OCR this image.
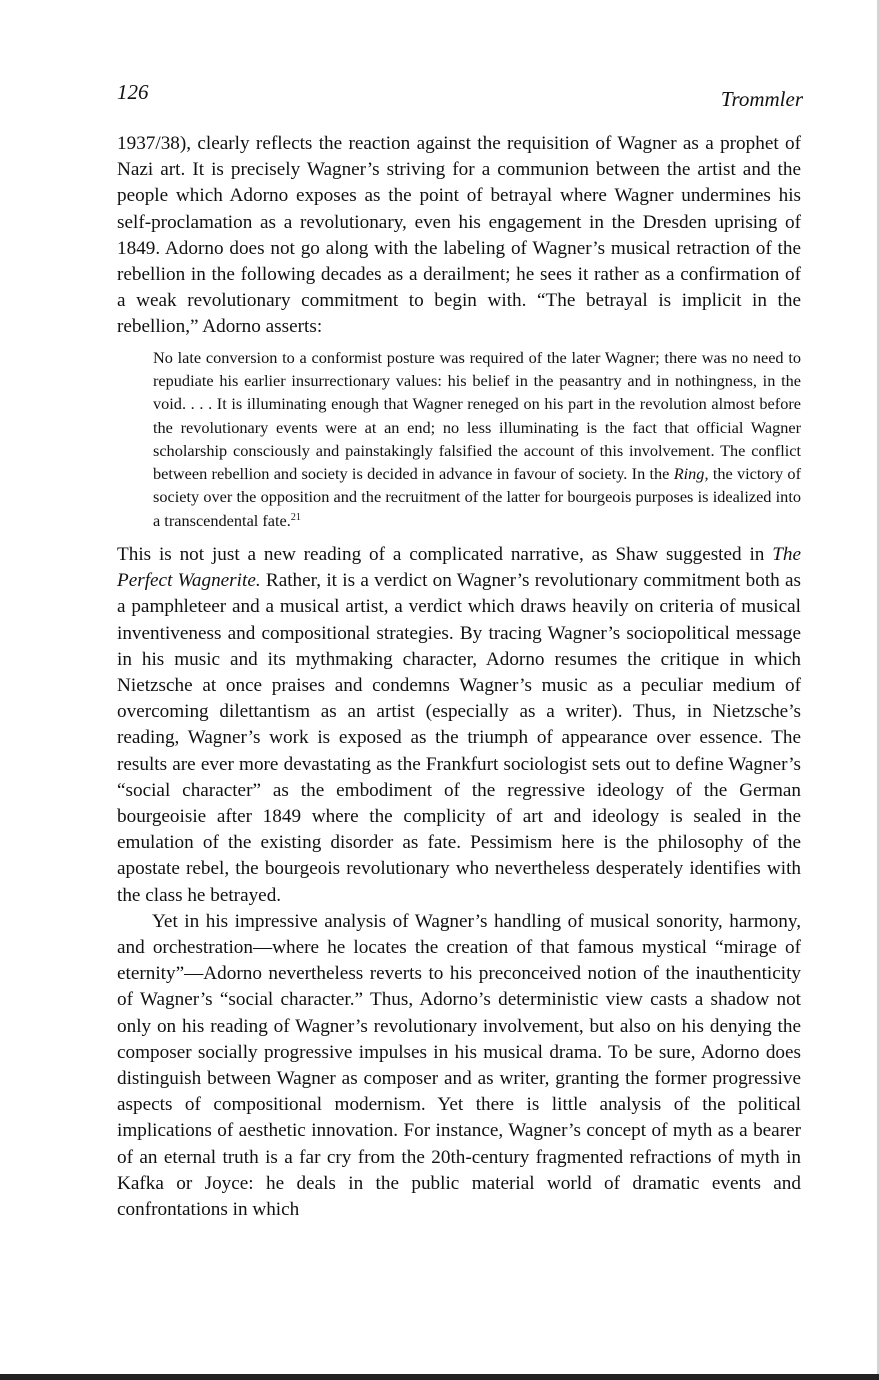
126	Trommler

1937/38), clearly reflects the reaction against the requisition of Wagner as a prophet of Nazi art. It is precisely Wagner’s striving for a communion between the artist and the people which Adorno exposes as the point of betrayal where Wagner undermines his self-proclamation as a revolutionary, even his engagement in the Dresden uprising of 1849. Adorno does not go along with the labeling of Wagner’s musical retraction of the rebellion in the following decades as a derailment; he sees it rather as a confirmation of a weak revolutionary commitment to begin with. “The betrayal is implicit in the rebellion,” Adorno asserts:

No late conversion to a conformist posture was required of the later Wagner; there was no need to repudiate his earlier insurrectionary values: his belief in the peasantry and in nothingness, in the void. . . . It is illuminating enough that Wagner reneged on his part in the revolution almost before the revolutionary events were at an end; no less illuminating is the fact that official Wagner scholarship consciously and painstakingly falsified the account of this involvement. The conflict between rebellion and society is decided in advance in favour of society. In the Ring, the victory of society over the opposition and the recruitment of the latter for bourgeois purposes is idealized into a transcendental fate.$^{21}$

This is not just a new reading of a complicated narrative, as Shaw suggested in The Perfect Wagnerite. Rather, it is a verdict on Wagner’s revolutionary commitment both as a pamphleteer and a musical artist, a verdict which draws heavily on criteria of musical inventiveness and compositional strategies. By tracing Wagner’s sociopolitical message in his music and its mythmaking character, Adorno resumes the critique in which Nietzsche at once praises and condemns Wagner’s music as a peculiar medium of overcoming dilettantism as an artist (especially as a writer). Thus, in Nietzsche’s reading, Wagner’s work is exposed as the triumph of appearance over essence. The results are ever more devastating as the Frankfurt sociologist sets out to define Wagner’s “social character” as the embodiment of the regressive ideology of the German bourgeoisie after 1849 where the complicity of art and ideology is sealed in the emulation of the existing disorder as fate. Pessimism here is the philosophy of the apostate rebel, the bourgeois revolutionary who nevertheless desperately identifies with the class he betrayed.

Yet in his impressive analysis of Wagner’s handling of musical sonority, harmony, and orchestration—where he locates the creation of that famous mystical “mirage of eternity”—Adorno nevertheless reverts to his preconceived notion of the inauthenticity of Wagner’s “social character.” Thus, Adorno’s deterministic view casts a shadow not only on his reading of Wagner’s revolutionary involvement, but also on his denying the composer socially progressive impulses in his musical drama. To be sure, Adorno does distinguish between Wagner as composer and as writer, granting the former progressive aspects of compositional modernism. Yet there is little analysis of the political implications of aesthetic innovation. For instance, Wagner’s concept of myth as a bearer of an eternal truth is a far cry from the 20th-century fragmented refractions of myth in Kafka or Joyce: he deals in the public material world of dramatic events and confrontations in which
